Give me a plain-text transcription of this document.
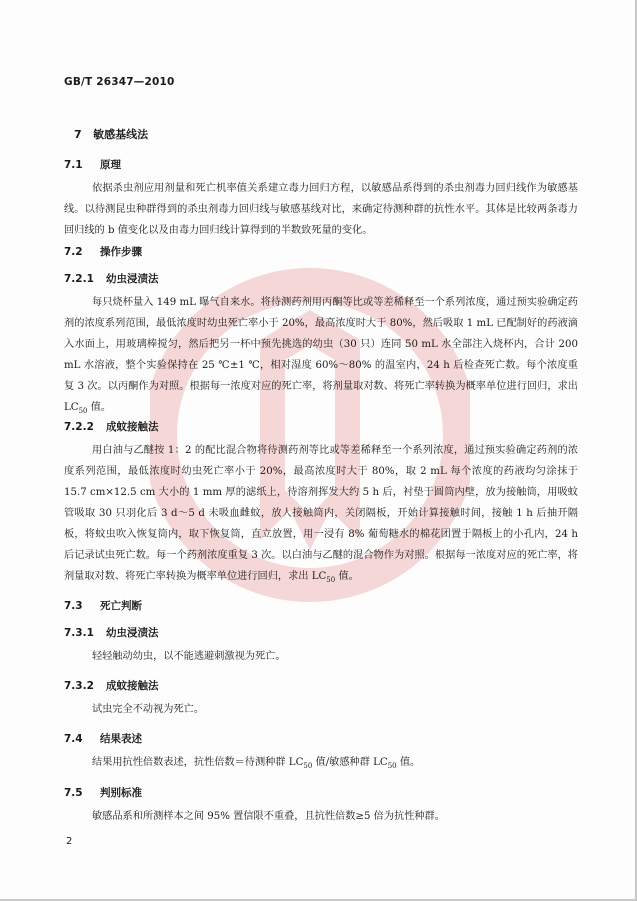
GB/T 26347—2010
7 敏感基线法
7.1 原理
依据杀虫剂应用剂量和死亡机率值关系建立毒力回归方程，以敏感品系得到的杀虫剂毒力回归线作为敏感基线。以待测昆虫种群得到的杀虫剂毒力回归线与敏感基线对比，来确定待测种群的抗性水平。其体是比较两条毒力回归线的 b 值变化以及由毒力回归线计算得到的半数致死量的变化。
7.2 操作步骤
7.2.1 幼虫浸渍法
每只烧杯量入 149 mL 曝气自来水。将待测药剂用丙酮等比或等差稀释至一个系列浓度，通过预实验确定药剂的浓度系列范围，最低浓度时幼虫死亡率小于 20%，最高浓度时大于 80%，然后吸取 1 mL 已配制好的药液滴入水面上，用玻璃棒搅匀，然后把另一杯中预先挑选的幼虫（30 只）连同 50 mL 水全部注入烧杯内，合计 200 mL 水溶液，整个实验保持在 25 ℃±1 ℃，相对湿度 60%～80% 的温室内，24 h 后检查死亡数。每个浓度重复 3 次。以丙酮作为对照。根据每一浓度对应的死亡率，将剂量取对数、将死亡率转换为概率单位进行回归，求出 $LC_{50}$ 值。
7.2.2 成蚊接触法
用白油与乙醚按 1：2 的配比混合物将待测药剂等比或等差稀释至一个系列浓度，通过预实验确定药剂的浓度系列范围，最低浓度时幼虫死亡率小于 20%，最高浓度时大于 80%，取 2 mL 每个浓度的药液均匀涂抹于 15.7 cm×12.5 cm 大小的 1 mm 厚的滤纸上，待溶剂挥发大约 5 h 后，衬垫于圆筒内壁，放为接触筒，用吸蚊管吸取 30 只羽化后 3 d～5 d 未吸血雌蚊，放人接触筒内，关闭隔板，开始计算接触时间，接触 1 h 后抽开隔板，将蚊虫吹入恢复筒内，取下恢复筒，直立放置，用一浸有 8% 葡萄糖水的棉花团置于隔板上的小孔内，24 h 后记录试虫死亡数。每一个药剂浓度重复 3 次。以白油与乙醚的混合物作为对照。根据每一浓度对应的死亡率，将剂量取对数、将死亡率转换为概率单位进行回归，求出 $LC_{50}$ 值。
7.3 死亡判断
7.3.1 幼虫浸渍法
轻轻触动幼虫，以不能逃避刺激视为死亡。
7.3.2 成蚊接触法
试虫完全不动视为死亡。
7.4 结果表述
结果用抗性倍数表述，抗性倍数＝待测种群 $LC_{50}$ 值/敏感种群 $LC_{50}$ 值。
7.5 判别标准
敏感品系和所测样本之间 95% 置信限不重叠，且抗性倍数≥5 倍为抗性种群。
2
